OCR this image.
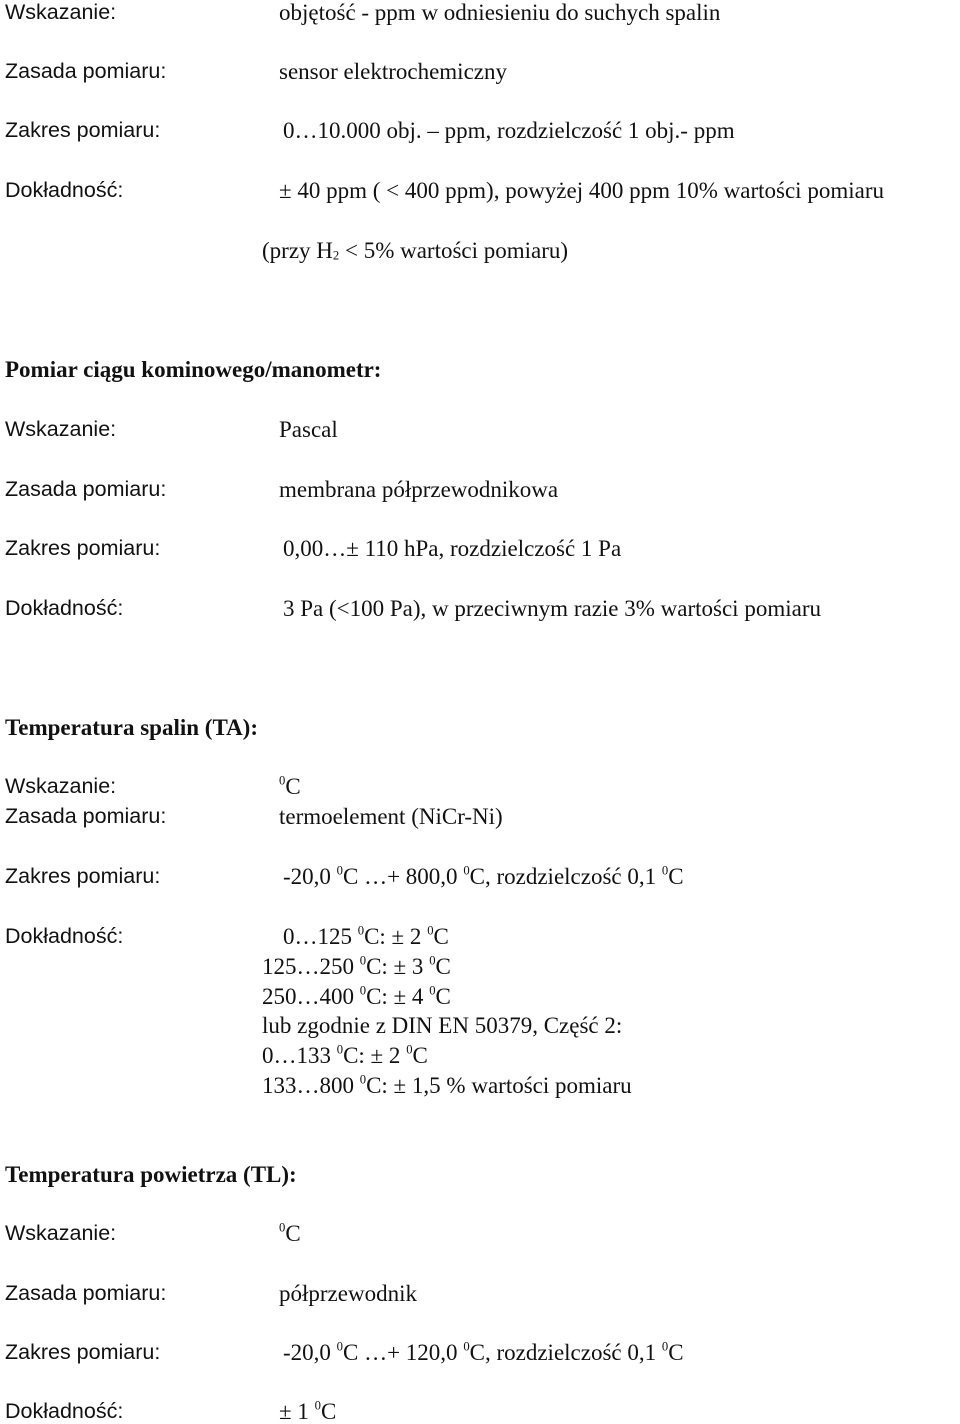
Wskazanie:	objętość - ppm w odniesieniu do suchych spalin
Zasada pomiaru:	sensor elektrochemiczny
Zakres pomiaru:	0…10.000 obj. – ppm, rozdzielczość 1 obj.- ppm
Dokładność:	± 40 ppm ( < 400 ppm), powyżej 400 ppm 10% wartości pomiaru
(przy $H_2 < 5\%$ wartości pomiaru)
Pomiar ciągu kominowego/manometr:
Wskazanie:	Pascal
Zasada pomiaru:	membrana półprzewodnikowa
Zakres pomiaru:	0,00…± 110 hPa, rozdzielczość 1 Pa
Dokładność:	3 Pa (<100 Pa), w przeciwnym razie 3% wartości pomiaru
Temperatura spalin (TA):
Wskazanie:	$^0$C
Zasada pomiaru:	termoelement (NiCr-Ni)
Zakres pomiaru:	-20,0 $^0$C …+ 800,0 $^0$C, rozdzielczość 0,1 $^0$C
Dokładność:	0…125 $^0$C: ± 2 $^0$C
125…250 $^0$C: ± 3 $^0$C
250…400 $^0$C: ± 4 $^0$C
lub zgodnie z DIN EN 50379, Część 2:
0…133 $^0$C: ± 2 $^0$C
133…800 $^0$C: ± 1,5 % wartości pomiaru
Temperatura powietrza (TL):
Wskazanie:	$^0$C
Zasada pomiaru:	półprzewodnik
Zakres pomiaru:	-20,0 $^0$C …+ 120,0 $^0$C, rozdzielczość 0,1 $^0$C
Dokładność:	± 1 $^0$C
